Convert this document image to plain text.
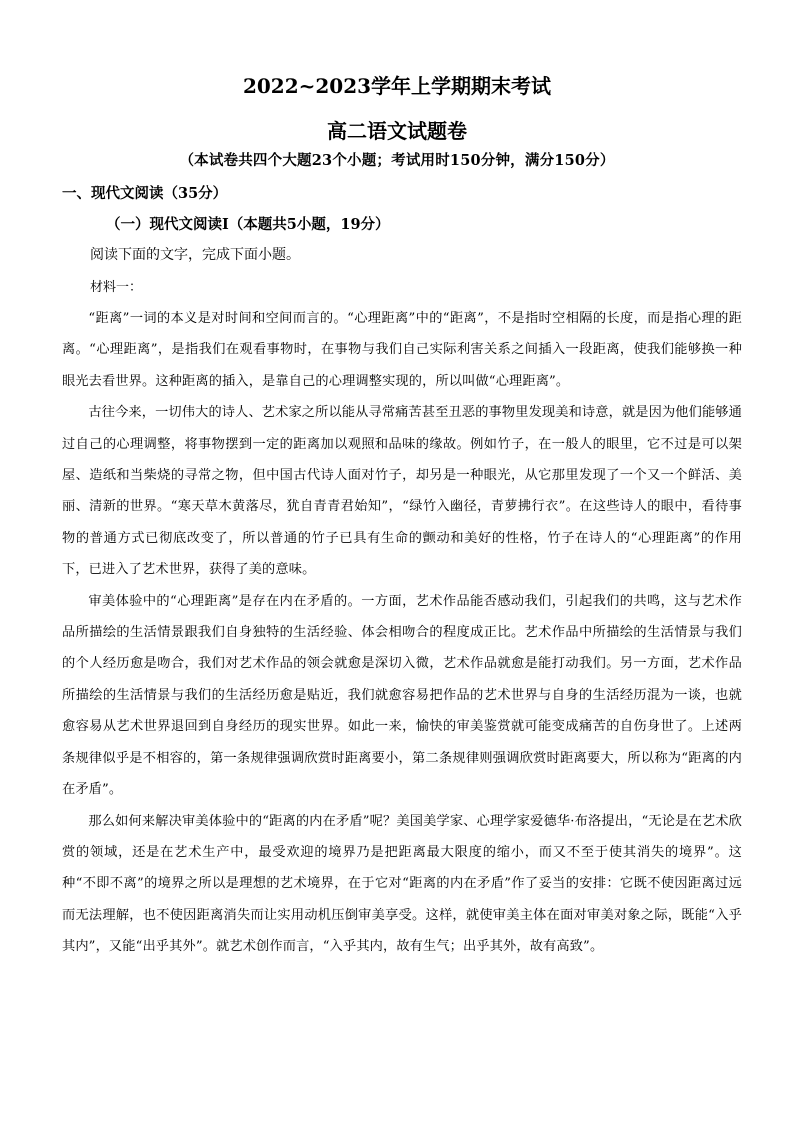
2022~2023学年上学期期末考试
高二语文试题卷
（本试卷共四个大题23个小题；考试用时150分钟，满分150分）
一、现代文阅读（35分）
（一）现代文阅读Ⅰ（本题共5小题，19分）
阅读下面的文字，完成下面小题。
材料一：

“距离”一词的本义是对时间和空间而言的。“心理距离”中的“距离”，不是指时空相隔的长度，而是指心理的距离。“心理距离”，是指我们在观看事物时，在事物与我们自己实际利害关系之间插入一段距离，使我们能够换一种眼光去看世界。这种距离的插入，是靠自己的心理调整实现的，所以叫做“心理距离”。

古往今来，一切伟大的诗人、艺术家之所以能从寻常痛苦甚至丑恶的事物里发现美和诗意，就是因为他们能够通过自己的心理调整，将事物摆到一定的距离加以观照和品味的缘故。例如竹子，在一般人的眼里，它不过是可以架屋、造纸和当柴烧的寻常之物，但中国古代诗人面对竹子，却另是一种眼光，从它那里发现了一个又一个鲜活、美丽、清新的世界。“寒天草木黄落尽，犹自青青君始知”，“绿竹入幽径，青萝拂行衣”。在这些诗人的眼中，看待事物的普通方式已彻底改变了，所以普通的竹子已具有生命的颤动和美好的性格，竹子在诗人的“心理距离”的作用下，已进入了艺术世界，获得了美的意味。

审美体验中的“心理距离”是存在内在矛盾的。一方面，艺术作品能否感动我们，引起我们的共鸣，这与艺术作品所描绘的生活情景跟我们自身独特的生活经验、体会相吻合的程度成正比。艺术作品中所描绘的生活情景与我们的个人经历愈是吻合，我们对艺术作品的领会就愈是深切入微，艺术作品就愈是能打动我们。另一方面，艺术作品所描绘的生活情景与我们的生活经历愈是贴近，我们就愈容易把作品的艺术世界与自身的生活经历混为一谈，也就愈容易从艺术世界退回到自身经历的现实世界。如此一来，愉快的审美鉴赏就可能变成痛苦的自伤身世了。上述两条规律似乎是不相容的，第一条规律强调欣赏时距离要小，第二条规律则强调欣赏时距离要大，所以称为“距离的内在矛盾”。

那么如何来解决审美体验中的“距离的内在矛盾”呢？美国美学家、心理学家爱德华·布洛提出，“无论是在艺术欣赏的领域，还是在艺术生产中，最受欢迎的境界乃是把距离最大限度的缩小，而又不至于使其消失的境界”。这种“不即不离”的境界之所以是理想的艺术境界，在于它对“距离的内在矛盾”作了妥当的安排：它既不使因距离过远而无法理解，也不使因距离消失而让实用动机压倒审美享受。这样，就使审美主体在面对审美对象之际，既能“入乎其内”，又能“出乎其外”。就艺术创作而言，“入乎其内，故有生气；出乎其外，故有高致”。
